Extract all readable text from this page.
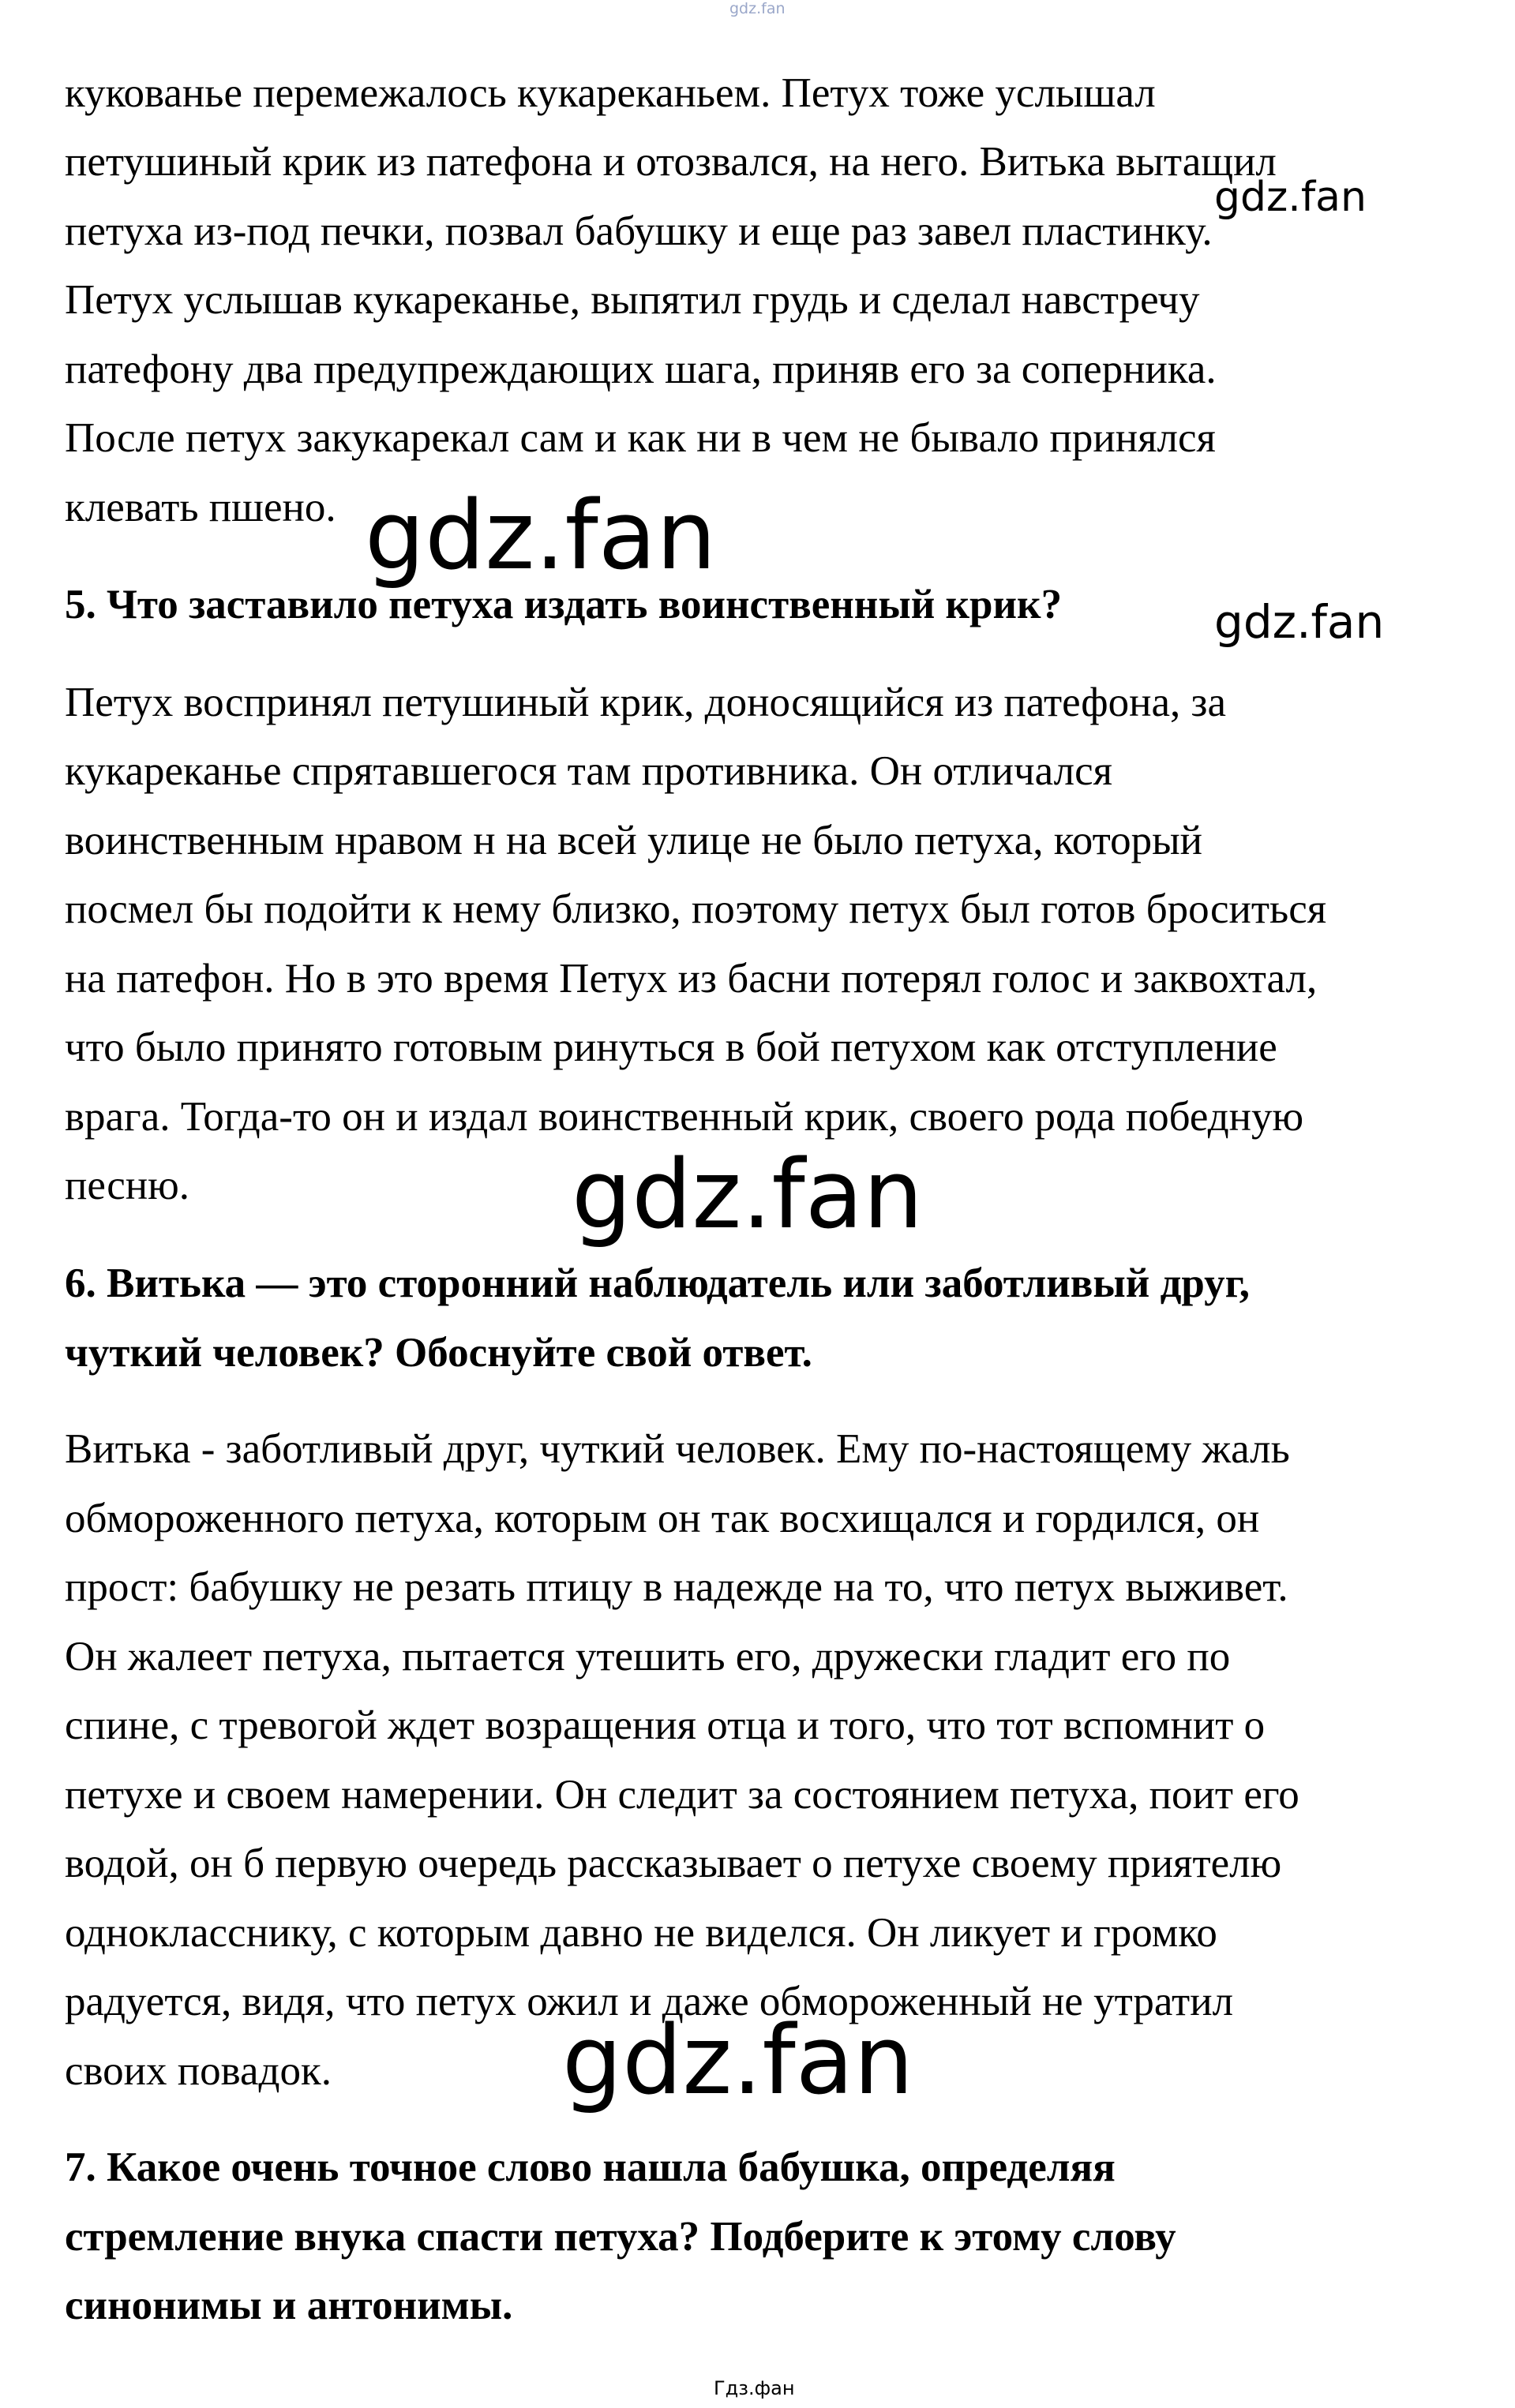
gdz.fan
кукованье перемежалось кукареканьем. Петух тоже услышал
петушиный крик из патефона и отозвался, на него. Витька вытащил
петуха из-под печки, позвал бабушку и еще раз завел пластинку.
Петух услышав кукареканье, выпятил грудь и сделал навстречу
патефону два предупреждающих шага, приняв его за соперника.
После петух закукарекал сам и как ни в чем не бывало принялся
клевать пшено.
5. Что заставило петуха издать воинственный крик?
Петух воспринял петушиный крик, доносящийся из патефона, за
кукареканье спрятавшегося там противника. Он отличался
воинственным нравом н на всей улице не было петуха, который
посмел бы подойти к нему близко, поэтому петух был готов броситься
на патефон. Но в это время Петух из басни потерял голос и заквохтал,
что было принято готовым ринуться в бой петухом как отступление
врага. Тогда-то он и издал воинственный крик, своего рода победную
песню.
6. Витька — это сторонний наблюдатель или заботливый друг,
чуткий человек? Обоснуйте свой ответ.
Витька - заботливый друг, чуткий человек. Ему по-настоящему жаль
обмороженного петуха, которым он так восхищался и гордился, он
прост: бабушку не резать птицу в надежде на то, что петух выживет.
Он жалеет петуха, пытается утешить его, дружески гладит его по
спине, с тревогой ждет возращения отца и того, что тот вспомнит о
петухе и своем намерении. Он следит за состоянием петуха, поит его
водой, он б первую очередь рассказывает о петухе своему приятелю
однокласснику, с которым давно не виделся. Он ликует и громко
радуется, видя, что петух ожил и даже обмороженный не утратил
своих повадок.
7. Какое очень точное слово нашла бабушка, определяя
стремление внука спасти петуха? Подберите к этому слову
синонимы и антонимы.
gdz.fan
gdz.fan
gdz.fan
gdz.fan
gdz.fan
Гдз.фан
